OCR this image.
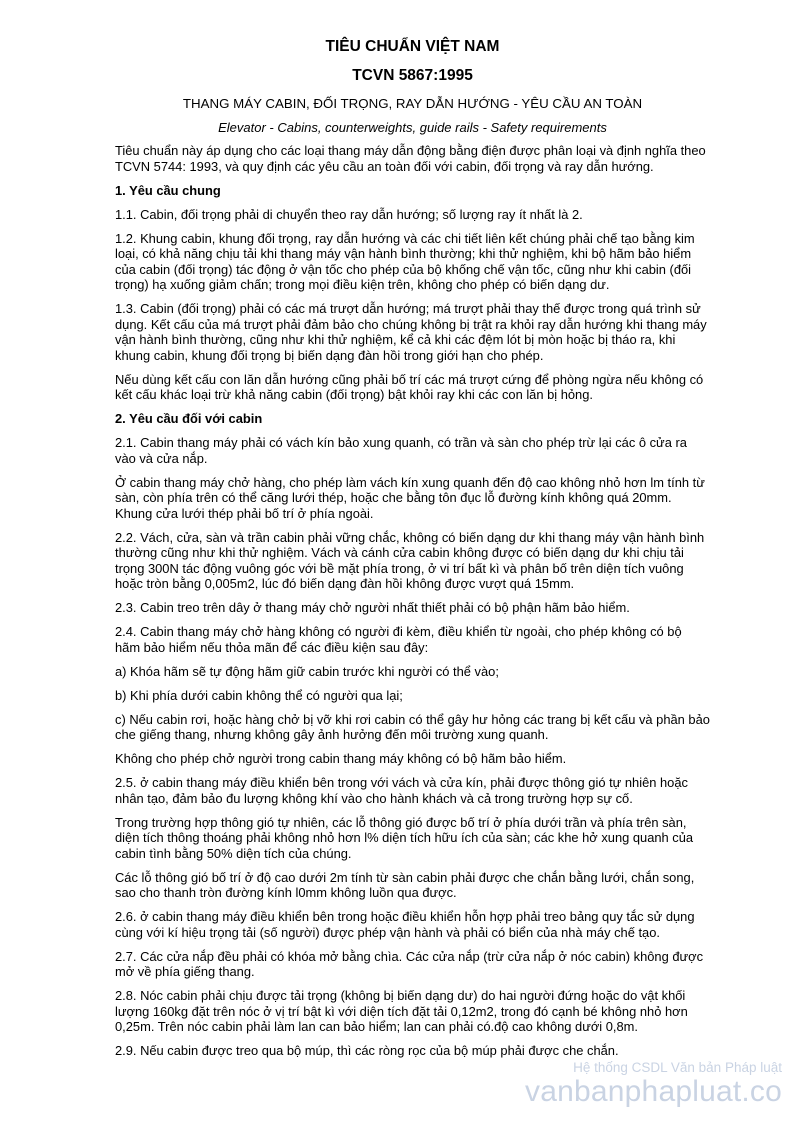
TIÊU CHUẨN VIỆT NAM
TCVN 5867:1995
THANG MÁY CABIN, ĐỐI TRỌNG, RAY DẪN HƯỚNG - YÊU CẦU AN TOÀN
Elevator - Cabins, counterweights, guide rails - Safety requirements

Tiêu chuẩn này áp dụng cho các loại thang máy dẫn động bằng điện được phân loại và định nghĩa theo TCVN 5744: 1993, và quy định các yêu cầu an toàn đối với cabin, đối trọng và ray dẫn hướng.

1. Yêu cầu chung

1.1. Cabin, đối trọng phải di chuyển theo ray dẫn hướng; số lượng ray ít nhất là 2.

1.2. Khung cabin, khung đối trọng, ray dẫn hướng và các chi tiết liên kết chúng phải chế tạo bằng kim loại, có khả năng chịu tải khi thang máy vận hành bình thường; khi thử nghiệm, khi bộ hãm bảo hiểm của cabin (đối trọng) tác động ở vận tốc cho phép của bộ khống chế vận tốc, cũng như khi cabin (đối trọng) hạ xuống giảm chấn; trong mọi điều kiện trên, không cho phép có biến dạng dư.

1.3. Cabin (đối trọng) phải có các má trượt dẫn hướng; má trượt phải thay thế được trong quá trình sử dụng. Kết cấu của má trượt phải đảm bảo cho chúng không bị trật ra khỏi ray dẫn hướng khi thang máy vận hành bình thường, cũng như khi thử nghiệm, kể cả khi các đệm lót bị mòn hoặc bị tháo ra, khi khung cabin, khung đối trọng bị biến dạng đàn hồi trong giới hạn cho phép.

Nếu dùng kết cấu con lăn dẫn hướng cũng phải bố trí các má trượt cứng để phòng ngừa nếu không có kết cấu khác loại trừ khả năng cabin (đối trọng) bật khỏi ray khi các con lăn bị hỏng.

2. Yêu cầu đối với cabin

2.1. Cabin thang máy phải có vách kín bảo xung quanh, có trần và sàn cho phép trừ lại các ô cửa ra vào và cửa nắp.

Ở cabin thang máy chở hàng, cho phép làm vách kín xung quanh đến độ cao không nhỏ hơn lm tính từ sàn, còn phía trên có thể căng lưới thép, hoặc che bằng tôn đục lỗ đường kính không quá 20mm. Khung cửa lưới thép phải bố trí ở phía ngoài.

2.2. Vách, cửa, sàn và trần cabin phải vững chắc, không có biến dạng dư khi thang máy vận hành bình thường cũng như khi thử nghiệm. Vách và cánh cửa cabin không được có biến dạng dư khi chịu tải trọng 300N tác động vuông góc với bề mặt phía trong, ở vi trí bất kì và phân bố trên diện tích vuông hoặc tròn bằng 0,005m2, lúc đó biến dạng đàn hồi không được vượt quá 15mm.

2.3. Cabin treo trên dây ở thang máy chở người nhất thiết phải có bộ phận hãm bảo hiểm.

2.4. Cabin thang máy chở hàng không có người đi kèm, điều khiển từ ngoài, cho phép không có bộ hãm bảo hiểm nếu thỏa mãn để các điều kiện sau đây:

a) Khóa hãm sẽ tự động hãm giữ cabin trước khi người có thể vào;

b) Khi phía dưới cabin không thể có người qua lại;

c) Nếu cabin rơi, hoặc hàng chở bị vỡ khi rơi cabin có thể gây hư hỏng các trang bị kết cấu và phần bảo che giếng thang, nhưng không gây ảnh hưởng đến môi trường xung quanh.

Không cho phép chở người trong cabin thang máy không có bộ hãm bảo hiểm.

2.5. ở cabin thang máy điều khiển bên trong với vách và cửa kín, phải được thông gió tự nhiên hoặc nhân tạo, đảm bảo đu lượng không khí vào cho hành khách và cả trong trường hợp sự cố.

Trong trường hợp thông gió tự nhiên, các lỗ thông gió được bố trí ở phía dưới trần và phía trên sàn, diện tích thông thoáng phải không nhỏ hơn l% diện tích hữu ích của sàn; các khe hở xung quanh của cabin tình bằng 50% diện tích của chúng.

Các lỗ thông gió bố trí ở độ cao dưới 2m tính từ sàn cabin phải được che chắn bằng lưới, chắn song, sao cho thanh tròn đường kính l0mm không luồn qua được.

2.6. ở cabin thang máy điều khiển bên trong hoặc điều khiển hỗn hợp phải treo bảng quy tắc sử dụng cùng với kí hiệu trọng tải (số người) được phép vận hành và phải có biển của nhà máy chế tạo.

2.7. Các cửa nắp đều phải có khóa mở bằng chìa. Các cửa nắp (trừ cửa nắp ở nóc cabin) không được mở về phía giếng thang.

2.8. Nóc cabin phải chịu được tải trọng (không bị biến dạng dư) do hai người đứng hoặc do vật khối lượng 160kg đặt trên nóc ở vị trí bật kì với diện tích đặt tải 0,12m2, trong đó cạnh bé không nhỏ hơn 0,25m. Trên nóc cabin phải làm lan can bảo hiểm; lan can phải có.độ cao không dưới 0,8m.

2.9. Nếu cabin được treo qua bộ múp, thì các ròng rọc của bộ múp phải được che chắn.

Hệ thống CSDL Văn bản Pháp luật
vanbanphapluat.co
